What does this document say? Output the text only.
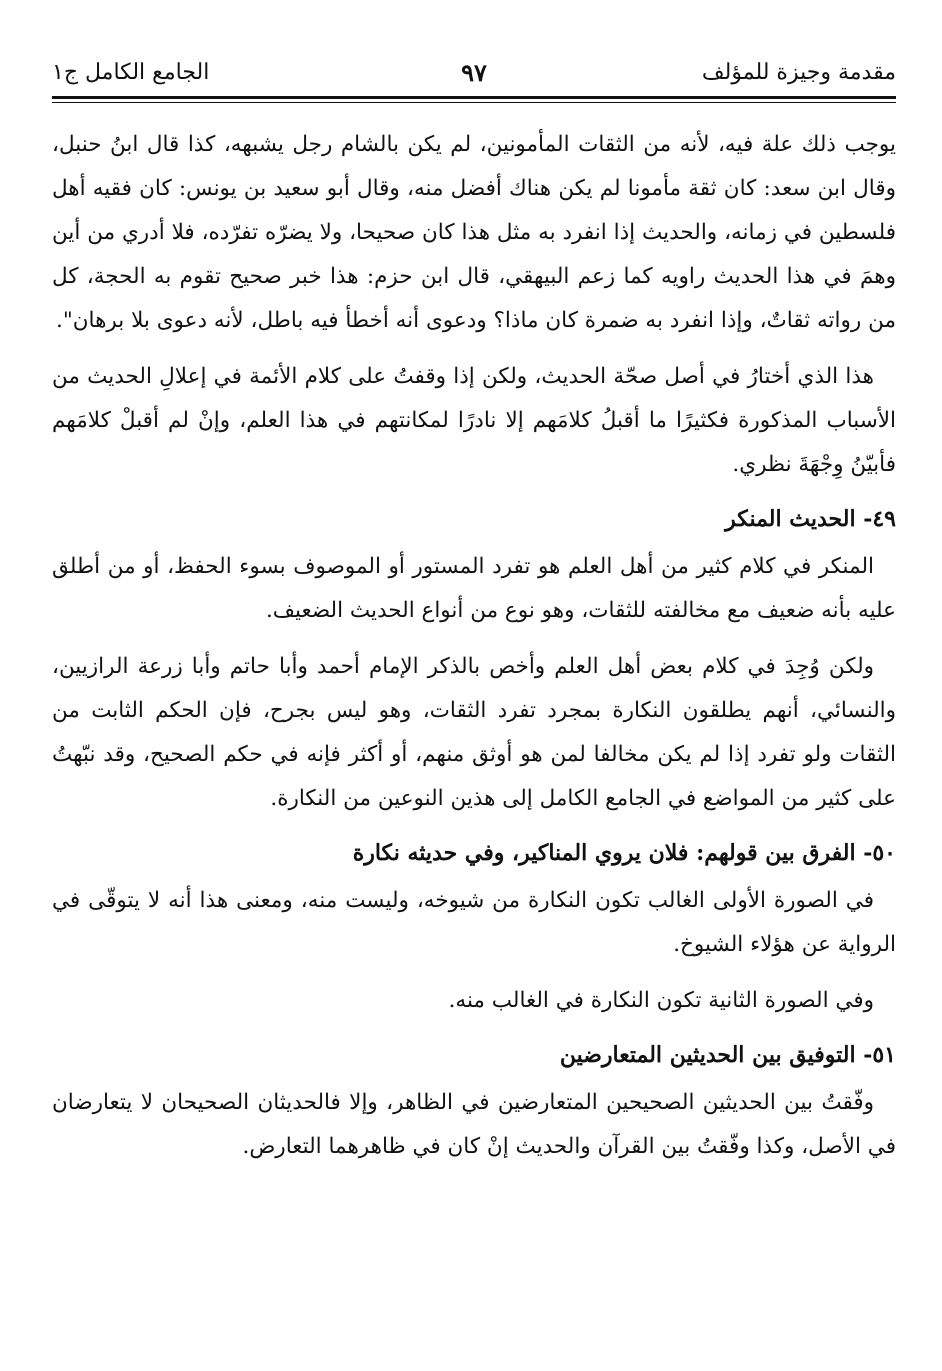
مقدمة وجيزة للمؤلف
٩٧
الجامع الكامل ج١

يوجب ذلك علة فيه، لأنه من الثقات المأمونين، لم يكن بالشام رجل يشبهه، كذا قال ابنُ حنبل، وقال ابن سعد: كان ثقة مأمونا لم يكن هناك أفضل منه، وقال أبو سعيد بن يونس: كان فقيه أهل فلسطين في زمانه، والحديث إذا انفرد به مثل هذا كان صحيحا، ولا يضرّه تفرّده، فلا أدري من أين وهمَ في هذا الحديث راويه كما زعم البيهقي، قال ابن حزم: هذا خبر صحيح تقوم به الحجة، كل من رواته ثقاتٌ، وإذا انفرد به ضمرة كان ماذا؟ ودعوى أنه أخطأ فيه باطل، لأنه دعوى بلا برهان".

هذا الذي أختارُ في أصل صحّة الحديث، ولكن إذا وقفتُ على كلام الأئمة في إعلالِ الحديث من الأسباب المذكورة فكثيرًا ما أقبلُ كلامَهم إلا نادرًا لمكانتهم في هذا العلم، وإنْ لم أقبلْ كلامَهم فأبيّنُ وِجْهَةَ نظري.

٤٩- الحديث المنكر

المنكر في كلام كثير من أهل العلم هو تفرد المستور أو الموصوف بسوء الحفظ، أو من أطلق عليه بأنه ضعيف مع مخالفته للثقات، وهو نوع من أنواع الحديث الضعيف.

ولكن وُجِدَ في كلام بعض أهل العلم وأخص بالذكر الإمام أحمد وأبا حاتم وأبا زرعة الرازيين، والنسائي، أنهم يطلقون النكارة بمجرد تفرد الثقات، وهو ليس بجرح، فإن الحكم الثابت من الثقات ولو تفرد إذا لم يكن مخالفا لمن هو أوثق منهم، أو أكثر فإنه في حكم الصحيح، وقد نبّهتُ على كثير من المواضع في الجامع الكامل إلى هذين النوعين من النكارة.

٥٠- الفرق بين قولهم: فلان يروي المناكير، وفي حديثه نكارة

في الصورة الأولى الغالب تكون النكارة من شيوخه، وليست منه، ومعنى هذا أنه لا يتوقّى في الرواية عن هؤلاء الشيوخ.

وفي الصورة الثانية تكون النكارة في الغالب منه.

٥١- التوفيق بين الحديثين المتعارضين

وفّقتُ بين الحديثين الصحيحين المتعارضين في الظاهر، وإلا فالحديثان الصحيحان لا يتعارضان في الأصل، وكذا وفّقتُ بين القرآن والحديث إنْ كان في ظاهرهما التعارض.
